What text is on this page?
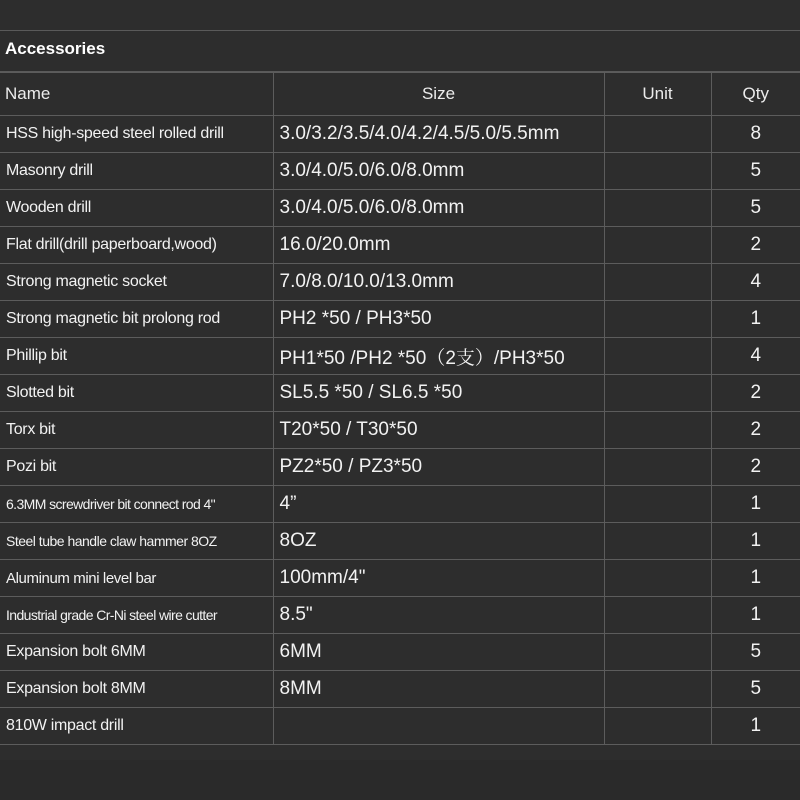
Accessories
Name	Size	Unit	Qty
HSS high-speed steel rolled drill	3.0/3.2/3.5/4.0/4.2/4.5/5.0/5.5mm		8
Masonry drill	3.0/4.0/5.0/6.0/8.0mm		5
Wooden drill	3.0/4.0/5.0/6.0/8.0mm		5
Flat drill(drill paperboard,wood)	16.0/20.0mm		2
Strong magnetic socket	7.0/8.0/10.0/13.0mm		4
Strong magnetic bit prolong rod	PH2 *50 / PH3*50		1
Phillip bit	PH1*50 /PH2 *50（2支）/PH3*50		4
Slotted bit	SL5.5 *50 / SL6.5 *50		2
Torx bit	T20*50 / T30*50		2
Pozi bit	PZ2*50 / PZ3*50		2
6.3MM screwdriver bit connect rod 4"	4”		1
Steel tube handle claw hammer 8OZ	8OZ		1
Aluminum mini level bar	100mm/4"		1
Industrial grade Cr-Ni steel wire cutter	8.5"		1
Expansion bolt 6MM	6MM		5
Expansion bolt 8MM	8MM		5
810W impact drill			1
